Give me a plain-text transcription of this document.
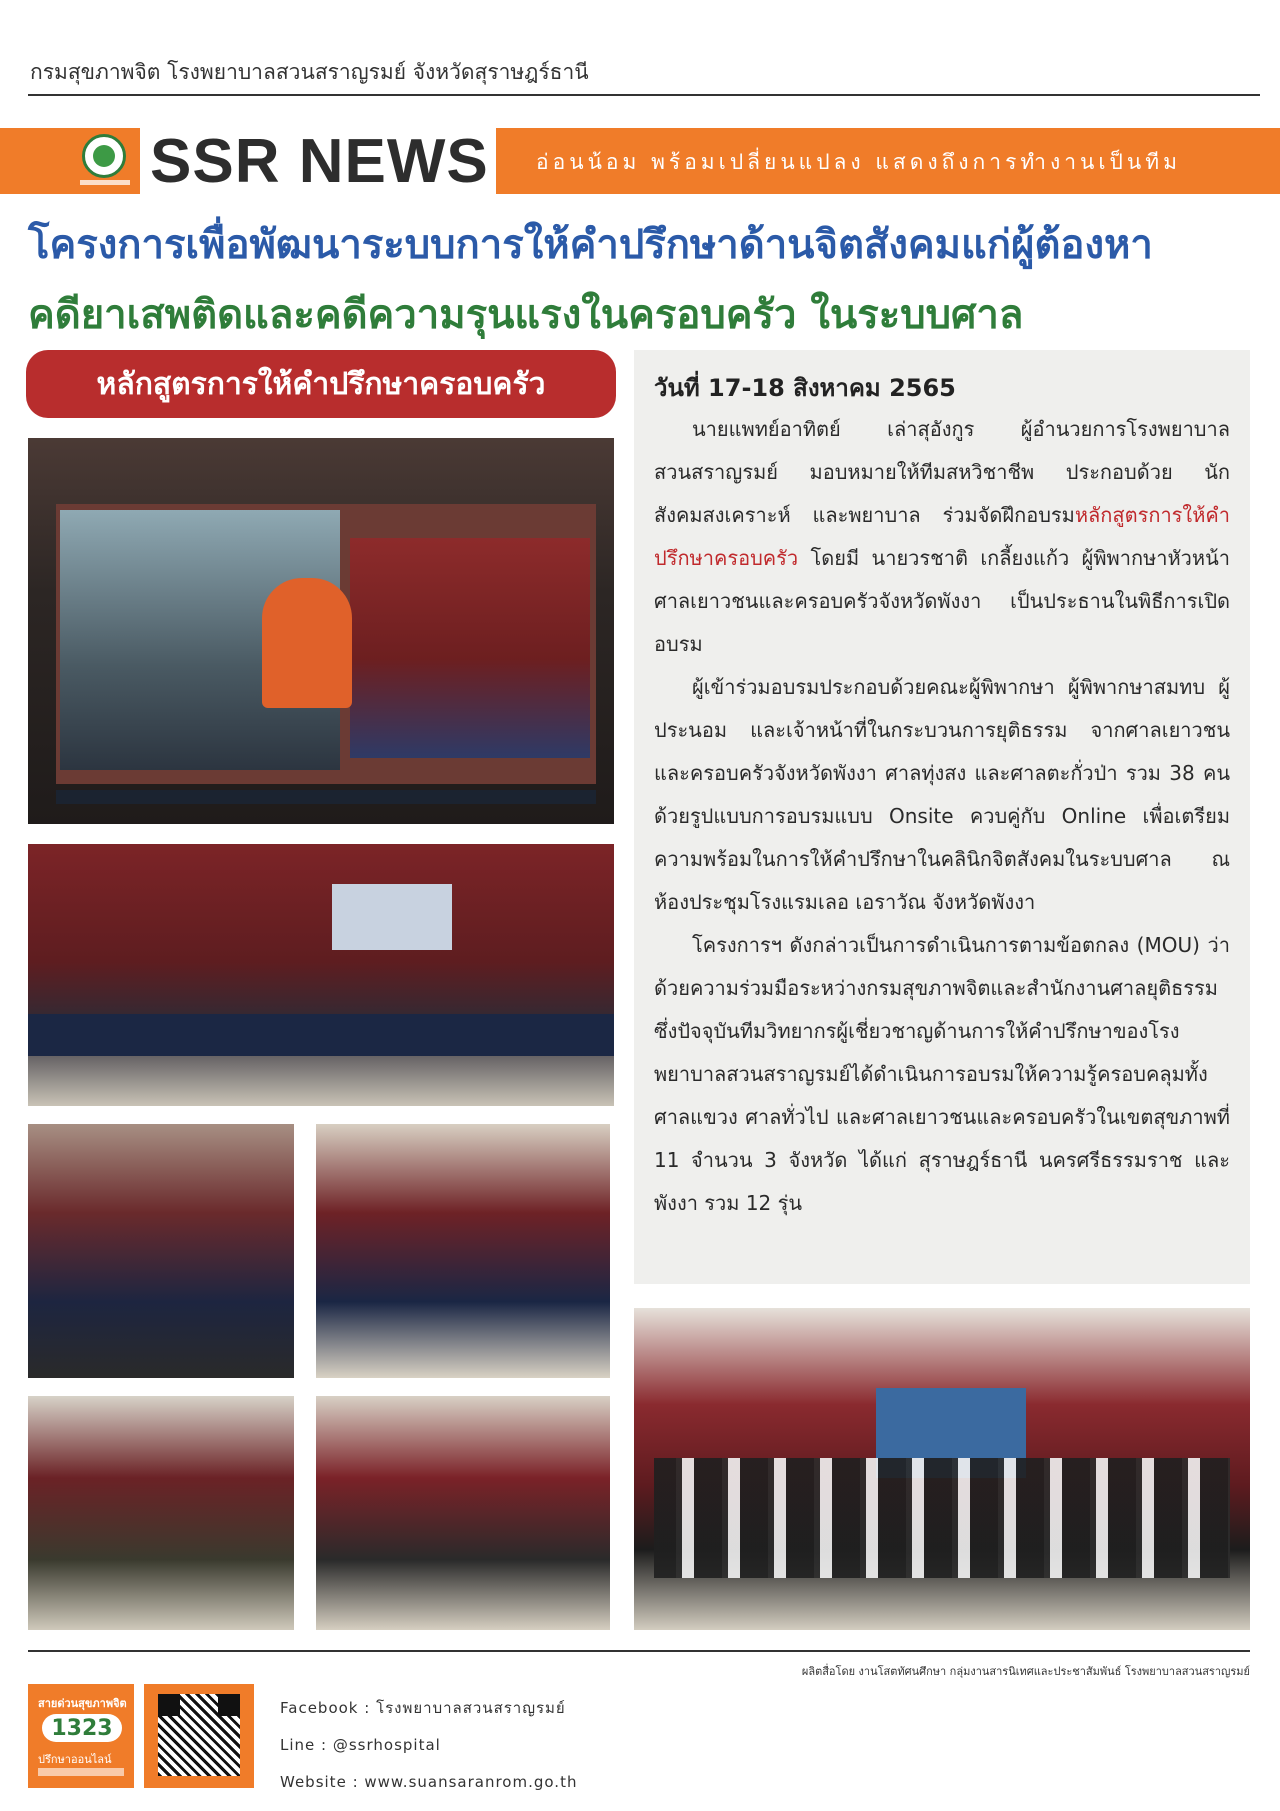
กรมสุขภาพจิต โรงพยาบาลสวนสราญรมย์ จังหวัดสุราษฎร์ธานี
SSR NEWS อ่อนน้อม พร้อมเปลี่ยนแปลง แสดงถึงการทำงานเป็นทีม
โครงการเพื่อพัฒนาระบบการให้คำปรึกษาด้านจิตสังคมแก่ผู้ต้องหา
คดียาเสพติดและคดีความรุนแรงในครอบครัว ในระบบศาล
หลักสูตรการให้คำปรึกษาครอบครัว	วันที่ 17-18 สิงหาคม 2565

นายแพทย์อาทิตย์ เล่าสุอังกูร ผู้อำนวยการโรงพยาบาลสวนสราญรมย์ มอบหมายให้ทีมสหวิชาชีพ ประกอบด้วย นักสังคมสงเคราะห์ และพยาบาล ร่วมจัดฝึกอบรมหลักสูตรการให้คำปรึกษาครอบครัว โดยมี นายวรชาติ เกลี้ยงแก้ว ผู้พิพากษาหัวหน้าศาลเยาวชนและครอบครัวจังหวัดพังงา เป็นประธานในพิธีการเปิดอบรม

ผู้เข้าร่วมอบรมประกอบด้วยคณะผู้พิพากษา ผู้พิพากษาสมทบ ผู้ประนอม และเจ้าหน้าที่ในกระบวนการยุติธรรม จากศาลเยาวชนและครอบครัวจังหวัดพังงา ศาลทุ่งสง และศาลตะกั่วป่า รวม 38 คน ด้วยรูปแบบการอบรมแบบ Onsite ควบคู่กับ Online เพื่อเตรียมความพร้อมในการให้คำปรึกษาในคลินิกจิตสังคมในระบบศาล ณ ห้องประชุมโรงแรมเลอ เอราวัณ จังหวัดพังงา

โครงการฯ ดังกล่าวเป็นการดำเนินการตามข้อตกลง (MOU) ว่าด้วยความร่วมมือระหว่างกรมสุขภาพจิตและสำนักงานศาลยุติธรรม ซึ่งปัจจุบันทีมวิทยากรผู้เชี่ยวชาญด้านการให้คำปรึกษาของโรงพยาบาลสวนสราญรมย์ได้ดำเนินการอบรมให้ความรู้ครอบคลุมทั้งศาลแขวง ศาลทั่วไป และศาลเยาวชนและครอบครัวในเขตสุขภาพที่ 11 จำนวน 3 จังหวัด ได้แก่ สุราษฎร์ธานี นครศรีธรรมราช และพังงา รวม 12 รุ่น

ผลิตสื่อโดย งานโสตทัศนศึกษา กลุ่มงานสารนิเทศและประชาสัมพันธ์ โรงพยาบาลสวนสราญรมย์
สายด่วนสุขภาพจิต
1323
ปรึกษาออนไลน์
Facebook : โรงพยาบาลสวนสราญรมย์
Line : @ssrhospital
Website : www.suansaranrom.go.th
